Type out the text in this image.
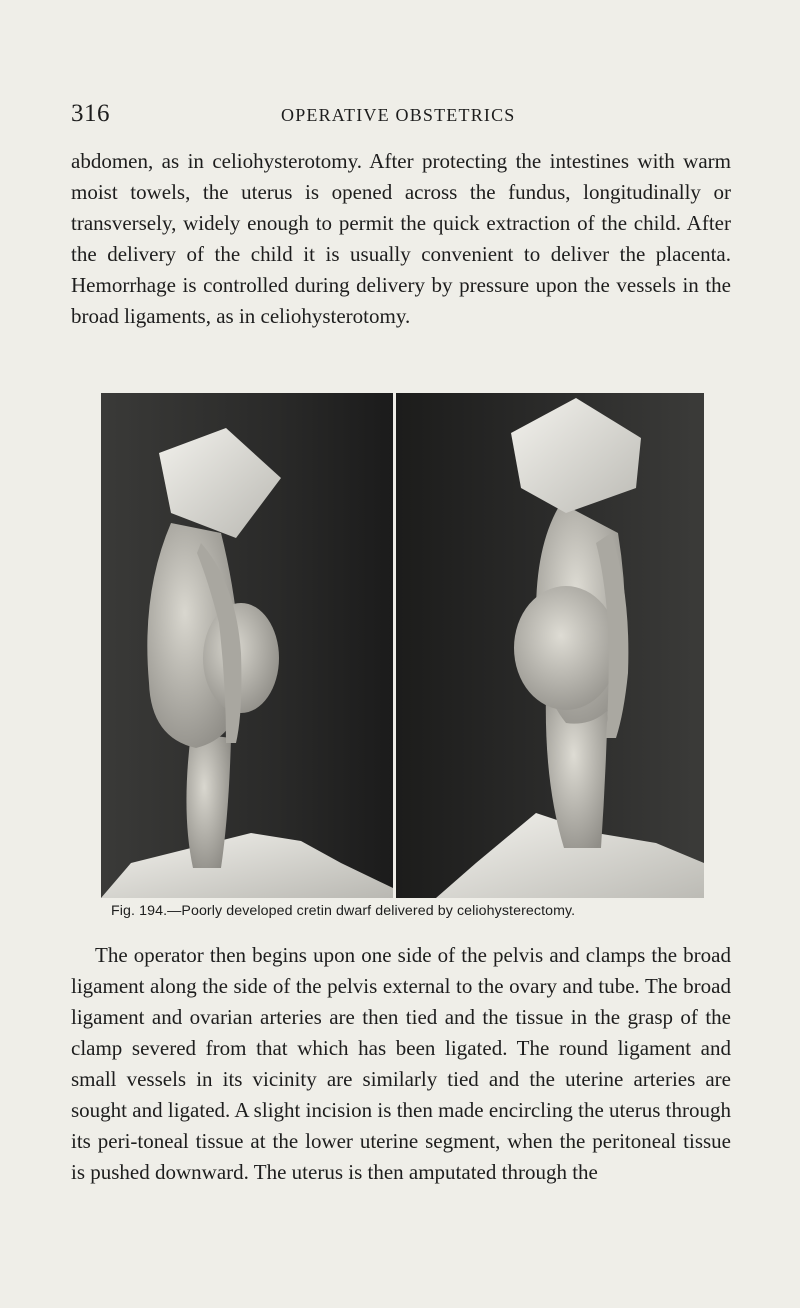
316	OPERATIVE OBSTETRICS

abdomen, as in celiohysterotomy. After protecting the intestines with warm moist towels, the uterus is opened across the fundus, longitudinally or transversely, widely enough to permit the quick extraction of the child. After the delivery of the child it is usually convenient to deliver the placenta. Hemorrhage is controlled during delivery by pressure upon the vessels in the broad ligaments, as in celiohysterotomy.

Fig. 194.—Poorly developed cretin dwarf delivered by celiohysterectomy.

The operator then begins upon one side of the pelvis and clamps the broad ligament along the side of the pelvis external to the ovary and tube. The broad ligament and ovarian arteries are then tied and the tissue in the grasp of the clamp severed from that which has been ligated. The round ligament and small vessels in its vicinity are similarly tied and the uterine arteries are sought and ligated. A slight incision is then made encircling the uterus through its peri-toneal tissue at the lower uterine segment, when the peritoneal tissue is pushed downward. The uterus is then amputated through the
